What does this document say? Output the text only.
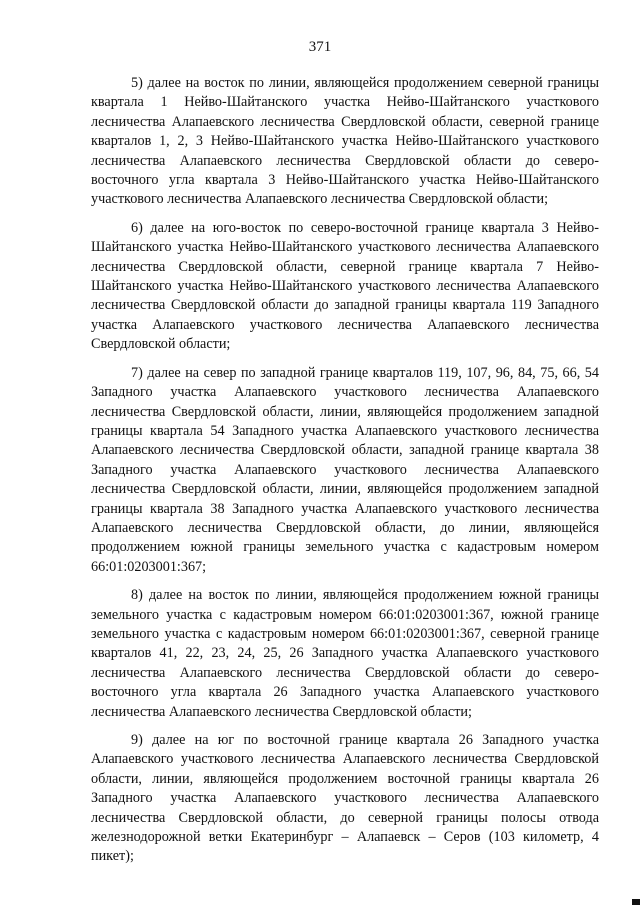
371

5) далее на восток по линии, являющейся продолжением северной границы квартала 1 Нейво-Шайтанского участка Нейво-Шайтанского участкового лесничества Алапаевского лесничества Свердловской области, северной границе кварталов 1, 2, 3 Нейво-Шайтанского участка Нейво-Шайтанского участкового лесничества Алапаевского лесничества Свердловской области до северо-восточного угла квартала 3 Нейво-Шайтанского участка Нейво-Шайтанского участкового лесничества Алапаевского лесничества Свердловской области;

6) далее на юго-восток по северо-восточной границе квартала 3 Нейво-Шайтанского участка Нейво-Шайтанского участкового лесничества Алапаевского лесничества Свердловской области, северной границе квартала 7 Нейво-Шайтанского участка Нейво-Шайтанского участкового лесничества Алапаевского лесничества Свердловской области до западной границы квартала 119 Западного участка Алапаевского участкового лесничества Алапаевского лесничества Свердловской области;

7) далее на север по западной границе кварталов 119, 107, 96, 84, 75, 66, 54 Западного участка Алапаевского участкового лесничества Алапаевского лесничества Свердловской области, линии, являющейся продолжением западной границы квартала 54 Западного участка Алапаевского участкового лесничества Алапаевского лесничества Свердловской области, западной границе квартала 38 Западного участка Алапаевского участкового лесничества Алапаевского лесничества Свердловской области, линии, являющейся продолжением западной границы квартала 38 Западного участка Алапаевского участкового лесничества Алапаевского лесничества Свердловской области, до линии, являющейся продолжением южной границы земельного участка с кадастровым номером 66:01:0203001:367;

8) далее на восток по линии, являющейся продолжением южной границы земельного участка с кадастровым номером 66:01:0203001:367, южной границе земельного участка с кадастровым номером 66:01:0203001:367, северной границе кварталов 41, 22, 23, 24, 25, 26 Западного участка Алапаевского участкового лесничества Алапаевского лесничества Свердловской области до северо-восточного угла квартала 26 Западного участка Алапаевского участкового лесничества Алапаевского лесничества Свердловской области;

9) далее на юг по восточной границе квартала 26 Западного участка Алапаевского участкового лесничества Алапаевского лесничества Свердловской области, линии, являющейся продолжением восточной границы квартала 26 Западного участка Алапаевского участкового лесничества Алапаевского лесничества Свердловской области, до северной границы полосы отвода железнодорожной ветки Екатеринбург – Алапаевск – Серов (103 километр, 4 пикет);
